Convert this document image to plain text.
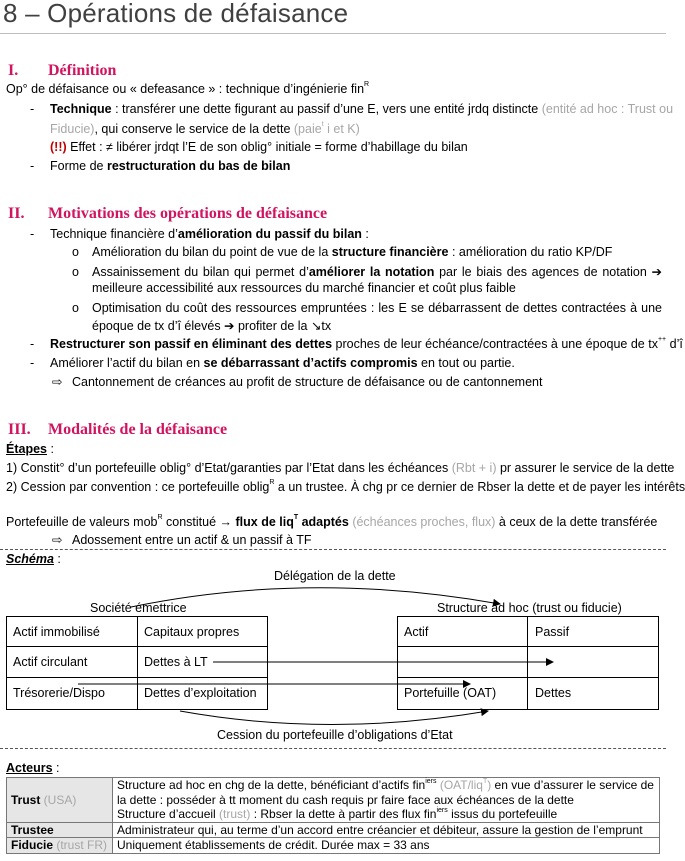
8 – Opérations de défaisance
I. Définition
Op° de défaisance ou « defeasance » : technique d’ingénierie fin$^R$
- Technique : transférer une dette figurant au passif d’une E, vers une entité jrdq distincte (entité ad hoc : Trust ou
Fiducie), qui conserve le service de la dette (paie$^t$ i et K)
(!!) Effet : ≠ libérer jrdqt l’E de son oblig° initiale = forme d’habillage du bilan
- Forme de restructuration du bas de bilan
II. Motivations des opérations de défaisance
- Technique financière d’amélioration du passif du bilan :
o Amélioration du bilan du point de vue de la structure financière : amélioration du ratio KP/DF
o Assainissement du bilan qui permet d’améliorer la notation par le biais des agences de notation ➔
meilleure accessibilité aux ressources du marché financier et coût plus faible
o Optimisation du coût des ressources empruntées : les E se débarrassent de dettes contractées à une
époque de tx d’î élevés ➔ profiter de la ↘tx
- Restructurer son passif en éliminant des dettes proches de leur échéance/contractées à une époque de tx++ d’î
- Améliorer l’actif du bilan en se débarrassant d’actifs compromis en tout ou partie.
⇨ Cantonnement de créances au profit de structure de défaisance ou de cantonnement
III. Modalités de la défaisance
Étapes :
1) Constit° d’un portefeuille oblig° d’Etat/garanties par l’Etat dans les échéances (Rbt + i) pr assurer le service de la dette
2) Cession par convention : ce portefeuille oblig$^R$ a un trustee. À chg pr ce dernier de Rbser la dette et de payer les intérêts
Portefeuille de valeurs mob$^R$ constitué → flux de liq$^T$ adaptés (échéances proches, flux) à ceux de la dette transférée
⇨ Adossement entre un actif & un passif à TF
Schéma :
Délégation de la dette
Société émettrice	Structure ad hoc (trust ou fiducie)
Actif immobilisé	Capitaux propres
Actif circulant	Dettes à LT
Trésorerie/Dispo	Dettes d’exploitation
Actif	Passif
Portefuille (OAT)	Dettes
Cession du portefeuille d’obligations d’Etat
Acteurs :
Trust (USA)	Structure ad hoc en chg de la dette, bénéficiant d’actifs fin$^{iers}$ (OAT/liq$^T$) en vue d’assurer le service de
la dette : posséder à tt moment du cash requis pr faire face aux échéances de la dette
Structure d’accueil (trust) : Rbser la dette à partir des flux fin$^{iers}$ issus du portefeuille

Trustee	Administrateur qui, au terme d’un accord entre créancier et débiteur, assure la gestion de l’emprunt
Fiducie (trust FR)	Uniquement établissements de crédit. Durée max = 33 ans
